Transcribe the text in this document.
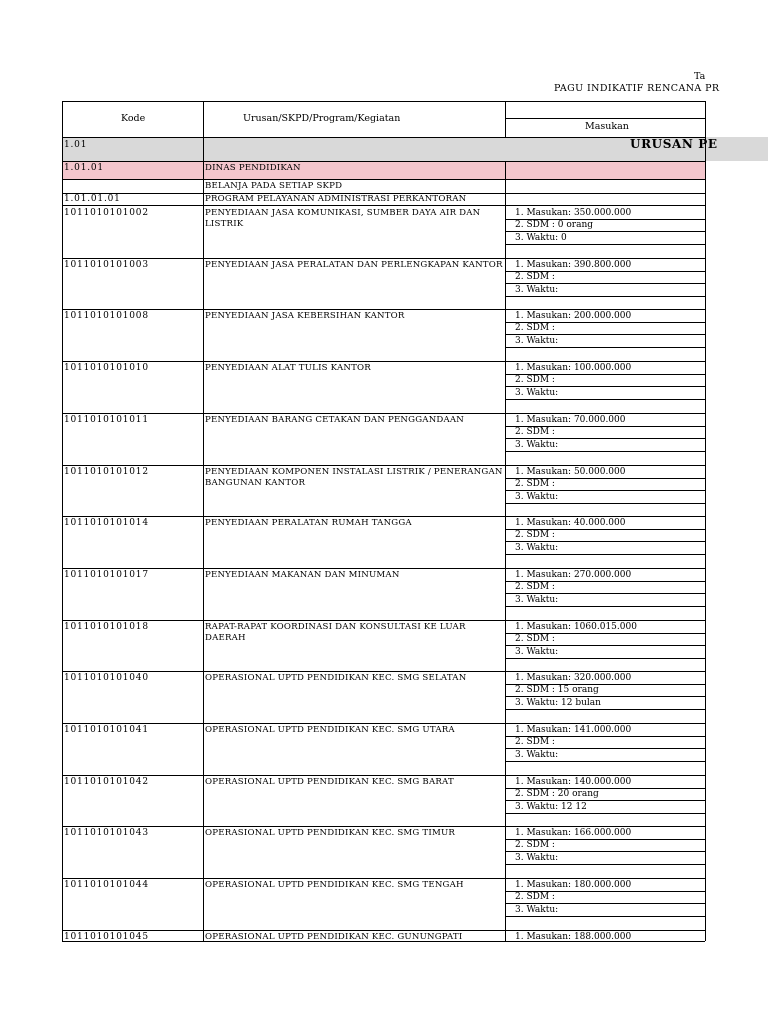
Ta
PAGU INDIKATIF RENCANA PR
Kode	Urusan/SKPD/Program/Kegiatan
Masukan
1.01	URUSAN PE
1.01.01	DINAS PENDIDIKAN
BELANJA PADA SETIAP SKPD
1.01.01.01	PROGRAM PELAYANAN ADMINISTRASI PERKANTORAN
1011010101002	PENYEDIAAN JASA KOMUNIKASI, SUMBER DAYA AIR DAN LISTRIK
1. Masukan: 350.000.000
2. SDM : 0 orang
3. Waktu: 0
1011010101003	PENYEDIAAN JASA PERALATAN DAN PERLENGKAPAN KANTOR 1. Masukan: 390.800.000
2. SDM :
3. Waktu:
1011010101008	PENYEDIAAN JASA KEBERSIHAN KANTOR	1. Masukan: 200.000.000
2. SDM :
3. Waktu:
1011010101010	PENYEDIAAN ALAT TULIS KANTOR	1. Masukan: 100.000.000
2. SDM :
3. Waktu:
1011010101011	PENYEDIAAN BARANG CETAKAN DAN PENGGANDAAN	1. Masukan: 70.000.000
2. SDM :
3. Waktu:
1011010101012	PENYEDIAAN KOMPONEN INSTALASI LISTRIK / PENERANGAN BANGUNAN KANTOR
1. Masukan: 50.000.000
2. SDM :
3. Waktu:
1011010101014	PENYEDIAAN PERALATAN RUMAH TANGGA	1. Masukan: 40.000.000
2. SDM :
3. Waktu:
1011010101017	PENYEDIAAN MAKANAN DAN MINUMAN	1. Masukan: 270.000.000
2. SDM :
3. Waktu:
1011010101018	RAPAT-RAPAT KOORDINASI DAN KONSULTASI KE LUAR DAERAH
1. Masukan: 1060.015.000
2. SDM :
3. Waktu:
1011010101040	OPERASIONAL UPTD PENDIDIKAN KEC. SMG SELATAN	1. Masukan: 320.000.000
2. SDM : 15 orang
3. Waktu: 12 bulan
1011010101041	OPERASIONAL UPTD PENDIDIKAN KEC. SMG UTARA	1. Masukan: 141.000.000
2. SDM :
3. Waktu:
1011010101042	OPERASIONAL UPTD PENDIDIKAN KEC. SMG BARAT	1. Masukan: 140.000.000
2. SDM : 20 orang
3. Waktu: 12 12
1011010101043	OPERASIONAL UPTD PENDIDIKAN KEC. SMG TIMUR	1. Masukan: 166.000.000
2. SDM :
3. Waktu:
1011010101044	OPERASIONAL UPTD PENDIDIKAN KEC. SMG TENGAH	1. Masukan: 180.000.000
2. SDM :
3. Waktu:
1011010101045	OPERASIONAL UPTD PENDIDIKAN KEC. GUNUNGPATI	1. Masukan: 188.000.000
